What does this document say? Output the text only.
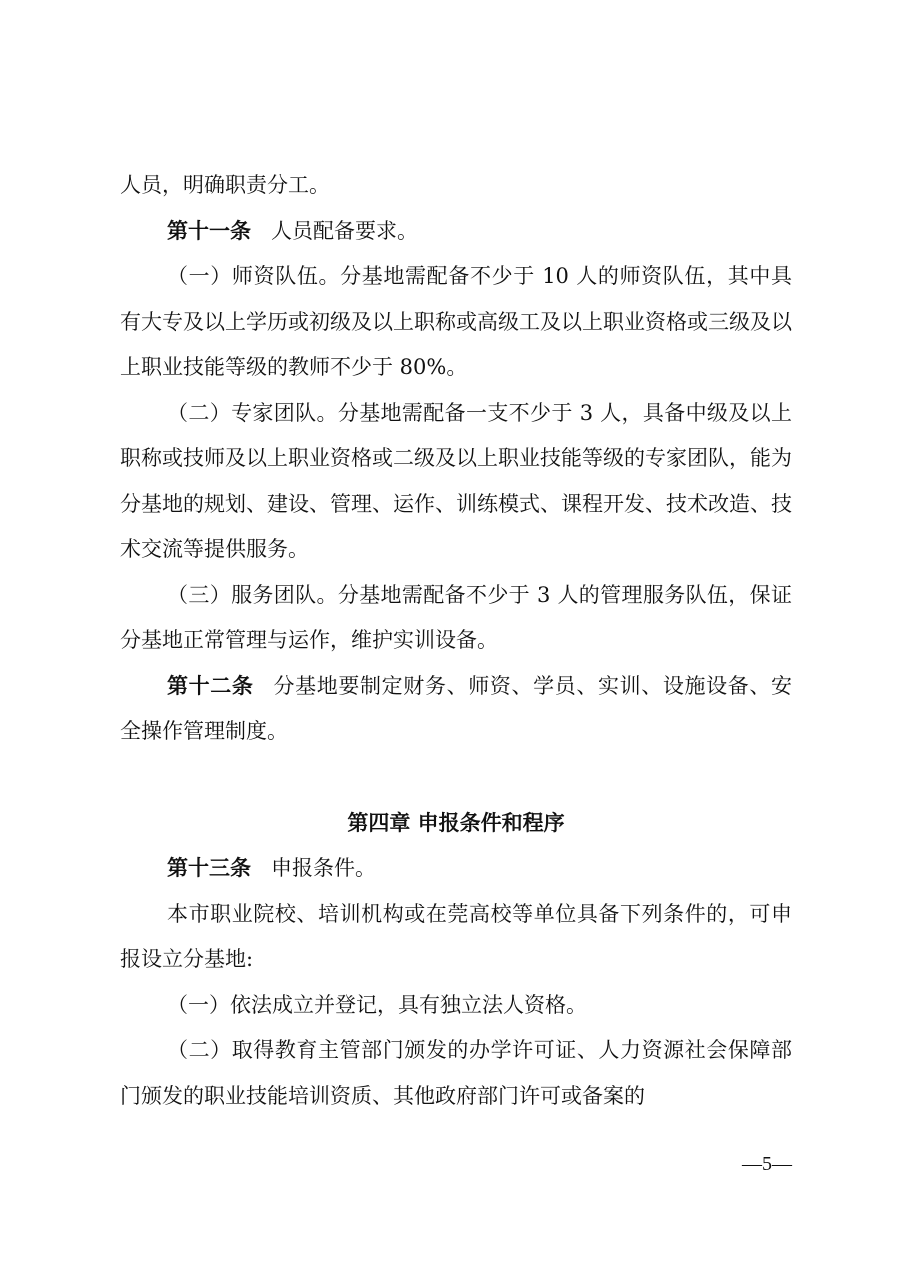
人员，明确职责分工。

第十一条 人员配备要求。

（一）师资队伍。分基地需配备不少于 10 人的师资队伍，其中具有大专及以上学历或初级及以上职称或高级工及以上职业资格或三级及以上职业技能等级的教师不少于 80%。

（二）专家团队。分基地需配备一支不少于 3 人，具备中级及以上职称或技师及以上职业资格或二级及以上职业技能等级的专家团队，能为分基地的规划、建设、管理、运作、训练模式、课程开发、技术改造、技术交流等提供服务。

（三）服务团队。分基地需配备不少于 3 人的管理服务队伍，保证分基地正常管理与运作，维护实训设备。

第十二条 分基地要制定财务、师资、学员、实训、设施设备、安全操作管理制度。

第四章 申报条件和程序

第十三条 申报条件。

本市职业院校、培训机构或在莞高校等单位具备下列条件的，可申报设立分基地:

（一）依法成立并登记，具有独立法人资格。

（二）取得教育主管部门颁发的办学许可证、人力资源社会保障部门颁发的职业技能培训资质、其他政府部门许可或备案的

—5—
